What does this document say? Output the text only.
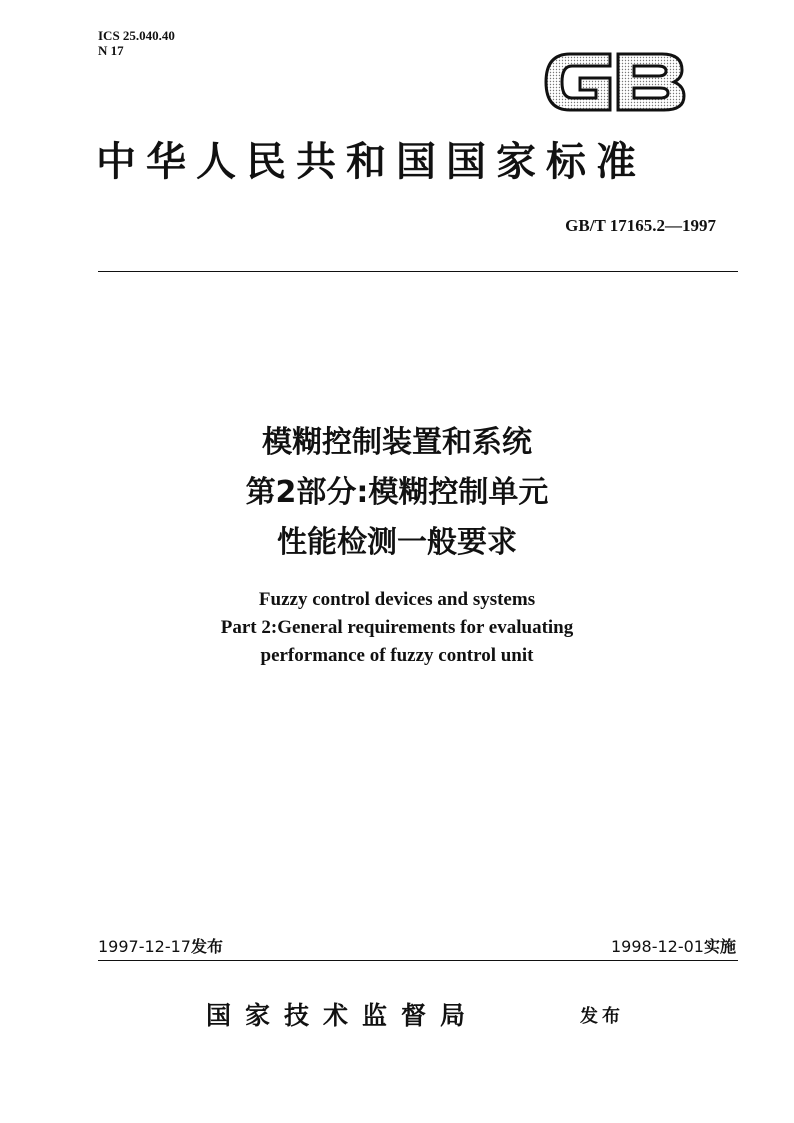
ICS 25.040.40
N 17
中华人民共和国国家标准
GB/T 17165.2—1997
模糊控制装置和系统
第2部分:模糊控制单元
性能检测一般要求
Fuzzy control devices and systems
Part 2:General requirements for evaluating
performance of fuzzy control unit
1997-12-17发布	1998-12-01实施
国家技术监督局	发布
